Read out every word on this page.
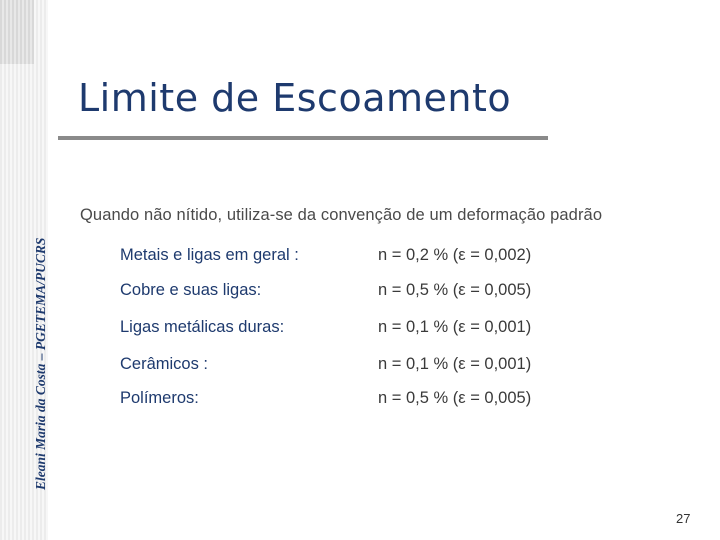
Eleani Maria da Costa – PGETEMA/PUCRS
Limite de Escoamento
Quando não nítido, utiliza-se da convenção de um deformação padrão
Metais e ligas em geral :	n = 0,2 % (ε = 0,002)
Cobre e suas ligas:	n = 0,5 % (ε = 0,005)
Ligas metálicas duras:	n = 0,1 % (ε = 0,001)
Cerâmicos :	n = 0,1 % (ε = 0,001)
Polímeros:	n = 0,5 % (ε = 0,005)
27
